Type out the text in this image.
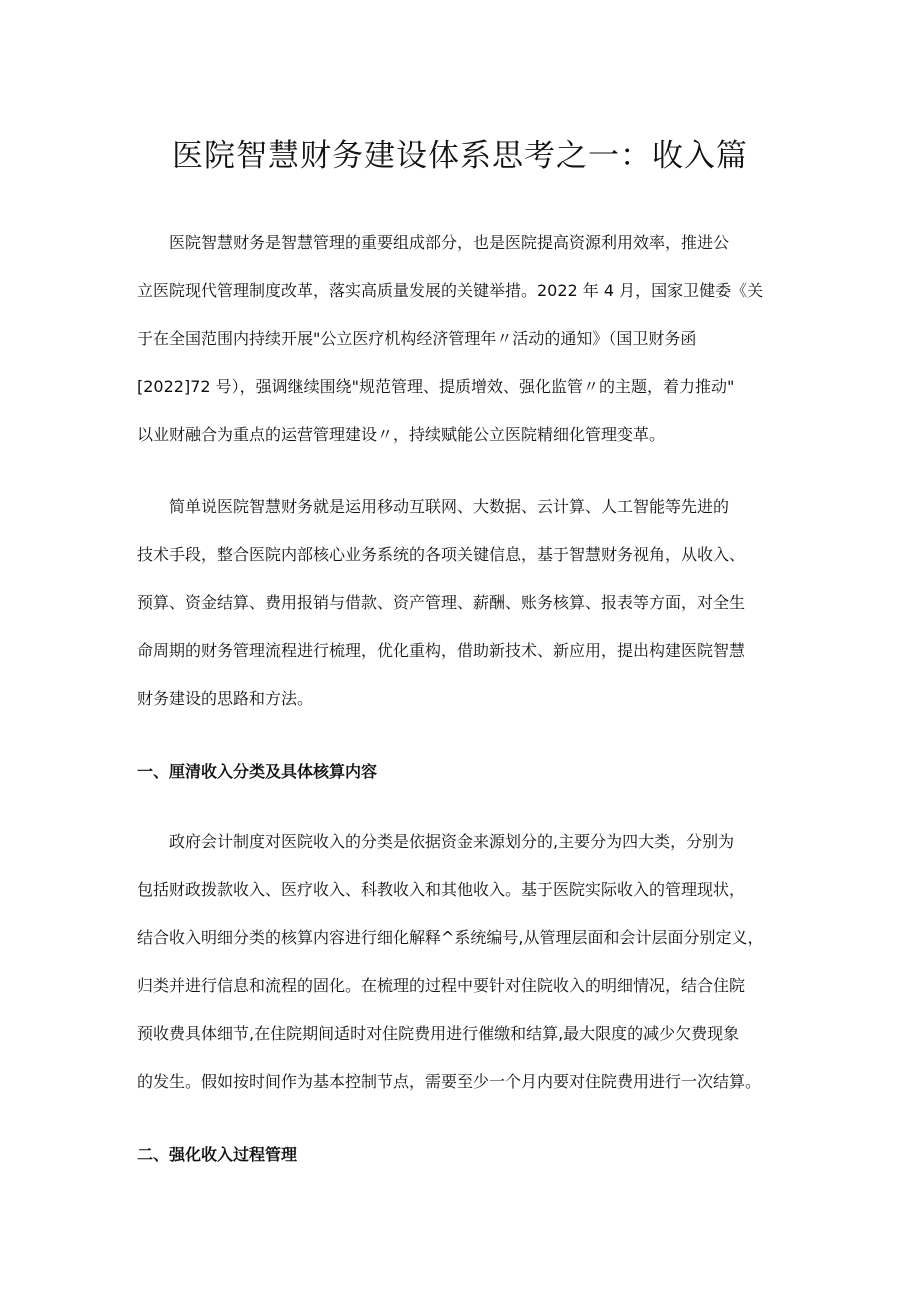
医院智慧财务建设体系思考之一：收入篇
　　医院智慧财务是智慧管理的重要组成部分，也是医院提高资源利用效率，推进公
立医院现代管理制度改革，落实高质量发展的关键举措。2022 年 4 月，国家卫健委《关
于在全国范围内持续开展"公立医疗机构经济管理年〃活动的通知》（国卫财务函
[2022]72 号），强调继续围绕"规范管理、提质增效、强化监管〃的主题，着力推动"
以业财融合为重点的运营管理建设〃，持续赋能公立医院精细化管理变革。
　　简单说医院智慧财务就是运用移动互联网、大数据、云计算、人工智能等先进的
技术手段，整合医院内部核心业务系统的各项关键信息，基于智慧财务视角，从收入、
预算、资金结算、费用报销与借款、资产管理、薪酬、账务核算、报表等方面，对全生
命周期的财务管理流程进行梳理，优化重构，借助新技术、新应用，提出构建医院智慧
财务建设的思路和方法。
一、厘清收入分类及具体核算内容
　　政府会计制度对医院收入的分类是依据资金来源划分的,主要分为四大类，分别为
包括财政拨款收入、医疗收入、科教收入和其他收入。基于医院实际收入的管理现状，
结合收入明细分类的核算内容进行细化解释^系统编号,从管理层面和会计层面分别定义，
归类并进行信息和流程的固化。在梳理的过程中要针对住院收入的明细情况，结合住院
预收费具体细节,在住院期间适时对住院费用进行催缴和结算,最大限度的减少欠费现象
的发生。假如按时间作为基本控制节点，需要至少一个月内要对住院费用进行一次结算。
二、强化收入过程管理
